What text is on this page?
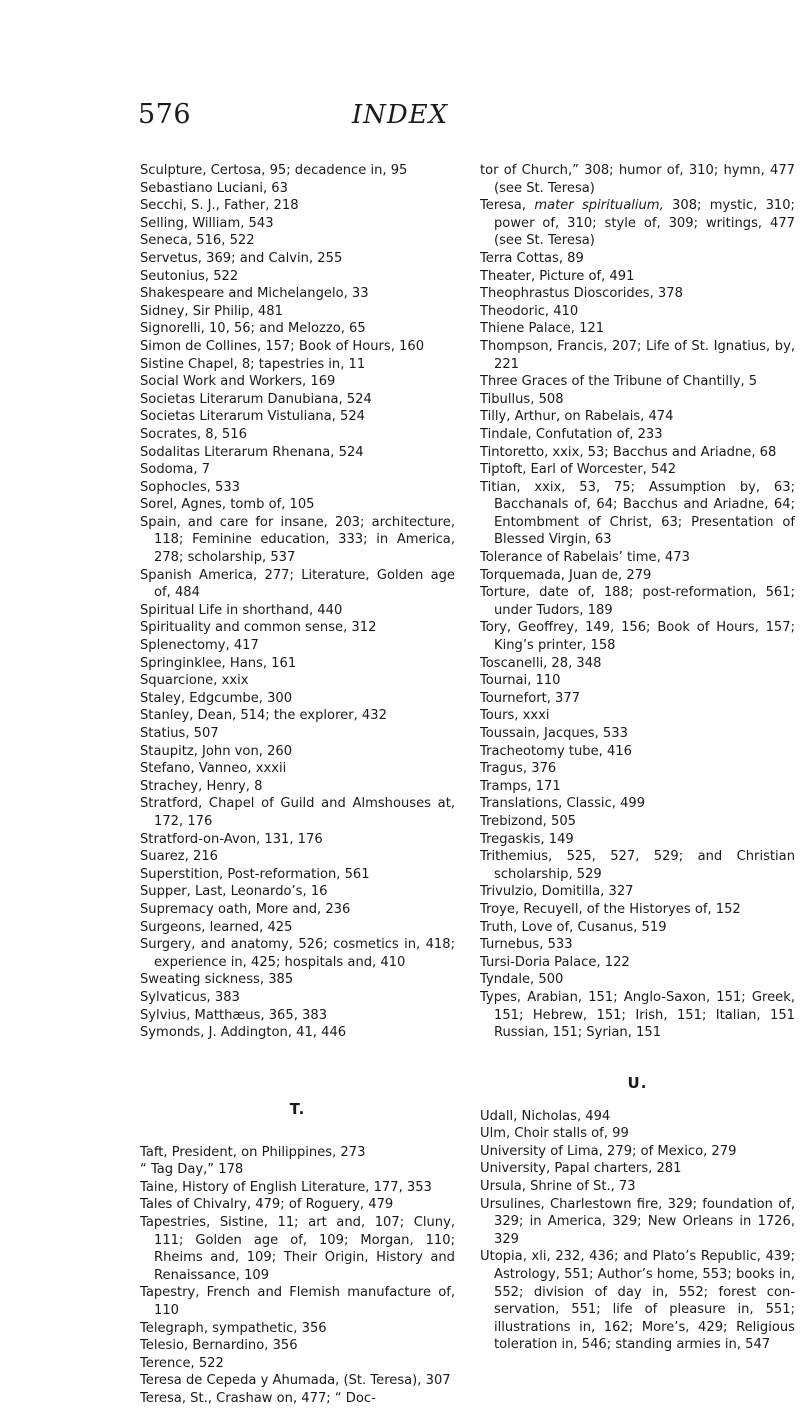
576	INDEX

Sculpture, Certosa, 95; decadence in, 95

Sebastiano Luciani, 63

Secchi, S. J., Father, 218

Selling, William, 543

Seneca, 516, 522

Servetus, 369; and Calvin, 255

Seutonius, 522

Shakespeare and Michelangelo, 33

Sidney, Sir Philip, 481

Signorelli, 10, 56; and Melozzo, 65

Simon de Collines, 157; Book of Hours, 160

Sistine Chapel, 8; tapestries in, 11

Social Work and Workers, 169

Societas Literarum Danubiana, 524

Societas Literarum Vistuliana, 524

Socrates, 8, 516

Sodalitas Literarum Rhenana, 524

Sodoma, 7

Sophocles, 533

Sorel, Agnes, tomb of, 105

Spain, and care for insane, 203; architecture, 118; Feminine education, 333; in America, 278; scholarship, 537

Spanish America, 277; Literature, Golden age of, 484

Spiritual Life in shorthand, 440

Spirituality and common sense, 312

Splenectomy, 417

Springinklee, Hans, 161

Squarcione, xxix

Staley, Edgcumbe, 300

Stanley, Dean, 514; the explorer, 432

Statius, 507

Staupitz, John von, 260

Stefano, Vanneo, xxxii

Strachey, Henry, 8

Stratford, Chapel of Guild and Almshouses at, 172, 176

Stratford-on-Avon, 131, 176

Suarez, 216

Superstition, Post-reformation, 561

Supper, Last, Leonardo’s, 16

Supremacy oath, More and, 236

Surgeons, learned, 425

Surgery, and anatomy, 526; cosmetics in, 418; experience in, 425; hospitals and, 410

Sweating sickness, 385

Sylvaticus, 383

Sylvius, Matthæus, 365, 383

Symonds, J. Addington, 41, 446

T.

Taft, President, on Philippines, 273

“ Tag Day,” 178

Taine, History of English Literature, 177, 353

Tales of Chivalry, 479; of Roguery, 479

Tapestries, Sistine, 11; art and, 107; Cluny, 111; Golden age of, 109; Morgan, 110; Rheims and, 109; Their Origin, History and Renaissance, 109

Tapestry, French and Flemish manufacture of, 110

Telegraph, sympathetic, 356

Telesio, Bernardino, 356

Terence, 522

Teresa de Cepeda y Ahumada, (St. Teresa), 307

Teresa, St., Crashaw on, 477; “ Doc-

tor of Church,” 308; humor of, 310; hymn, 477 (see St. Teresa)

Teresa, mater spiritualium, 308; mystic, 310; power of, 310; style of, 309; writings, 477 (see St. Teresa)

Terra Cottas, 89

Theater, Picture of, 491

Theophrastus Dioscorides, 378

Theodoric, 410

Thiene Palace, 121

Thompson, Francis, 207; Life of St. Ignatius, by, 221

Three Graces of the Tribune of Chantilly, 5

Tibullus, 508

Tilly, Arthur, on Rabelais, 474

Tindale, Confutation of, 233

Tintoretto, xxix, 53; Bacchus and Ariadne, 68

Tiptoft, Earl of Worcester, 542

Titian, xxix, 53, 75; Assumption by, 63; Bacchanals of, 64; Bacchus and Ariadne, 64; Entombment of Christ, 63; Presentation of Blessed Virgin, 63

Tolerance of Rabelais’ time, 473

Torquemada, Juan de, 279

Torture, date of, 188; post-reformation, 561; under Tudors, 189

Tory, Geoffrey, 149, 156; Book of Hours, 157; King’s printer, 158

Toscanelli, 28, 348

Tournai, 110

Tournefort, 377

Tours, xxxi

Toussain, Jacques, 533

Tracheotomy tube, 416

Tragus, 376

Tramps, 171

Translations, Classic, 499

Trebizond, 505

Tregaskis, 149

Trithemius, 525, 527, 529; and Christian scholarship, 529

Trivulzio, Domitilla, 327

Troye, Recuyell, of the Historyes of, 152

Truth, Love of, Cusanus, 519

Turnebus, 533

Tursi-Doria Palace, 122

Tyndale, 500

Types, Arabian, 151; Anglo-Saxon, 151; Greek, 151; Hebrew, 151; Irish, 151; Italian, 151 Russian, 151; Syrian, 151

U.

Udall, Nicholas, 494

Ulm, Choir stalls of, 99

University of Lima, 279; of Mexico, 279

University, Papal charters, 281

Ursula, Shrine of St., 73

Ursulines, Charlestown fire, 329; foundation of, 329; in America, 329; New Orleans in 1726, 329

Utopia, xli, 232, 436; and Plato’s Republic, 439; Astrology, 551; Author’s home, 553; books in, 552; division of day in, 552; forest conservation, 551; life of pleasure in, 551; illustrations in, 162; More’s, 429; Religious toleration in, 546; standing armies in, 547
